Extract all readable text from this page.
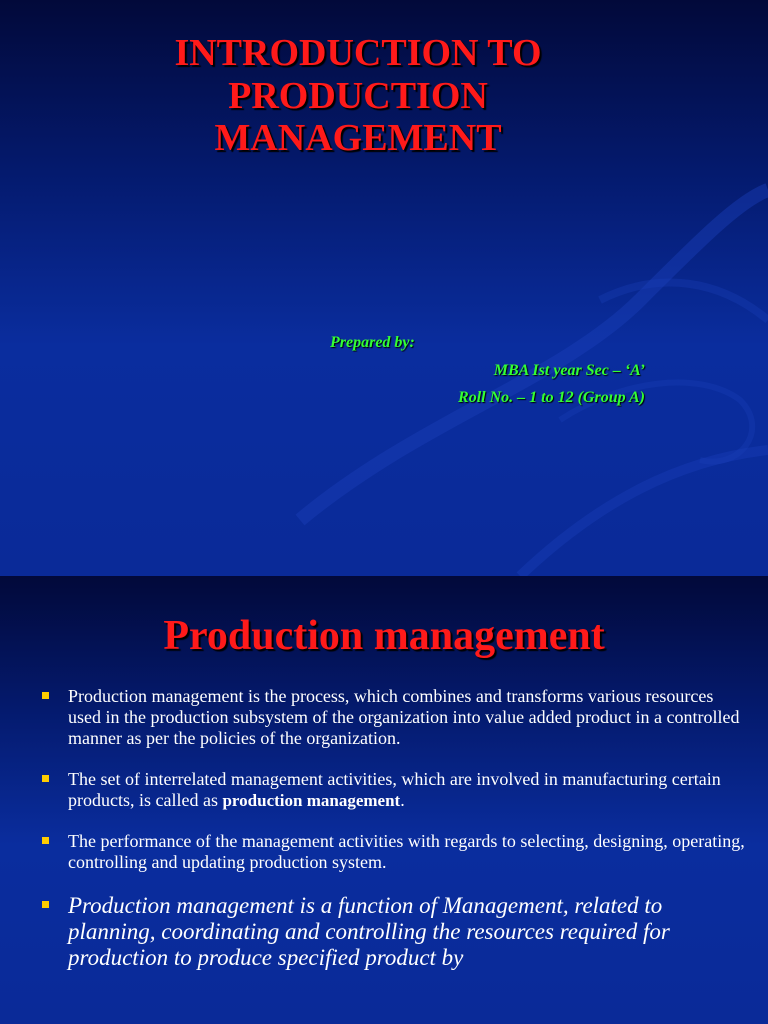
INTRODUCTION TO
PRODUCTION
MANAGEMENT
Prepared by:
MBA Ist year Sec – ‘A’
Roll No. – 1 to 12 (Group A)
Production management
Production management is the process, which combines and transforms various resources used in the production subsystem of the organization into value added product in a controlled manner as per the policies of the organization.
The set of interrelated management activities, which are involved in manufacturing certain products, is called as production management.
The performance of the management activities with regards to selecting, designing, operating, controlling and updating production system.
Production management is a function of Management, related to planning, coordinating and controlling the resources required for production to produce specified product by
